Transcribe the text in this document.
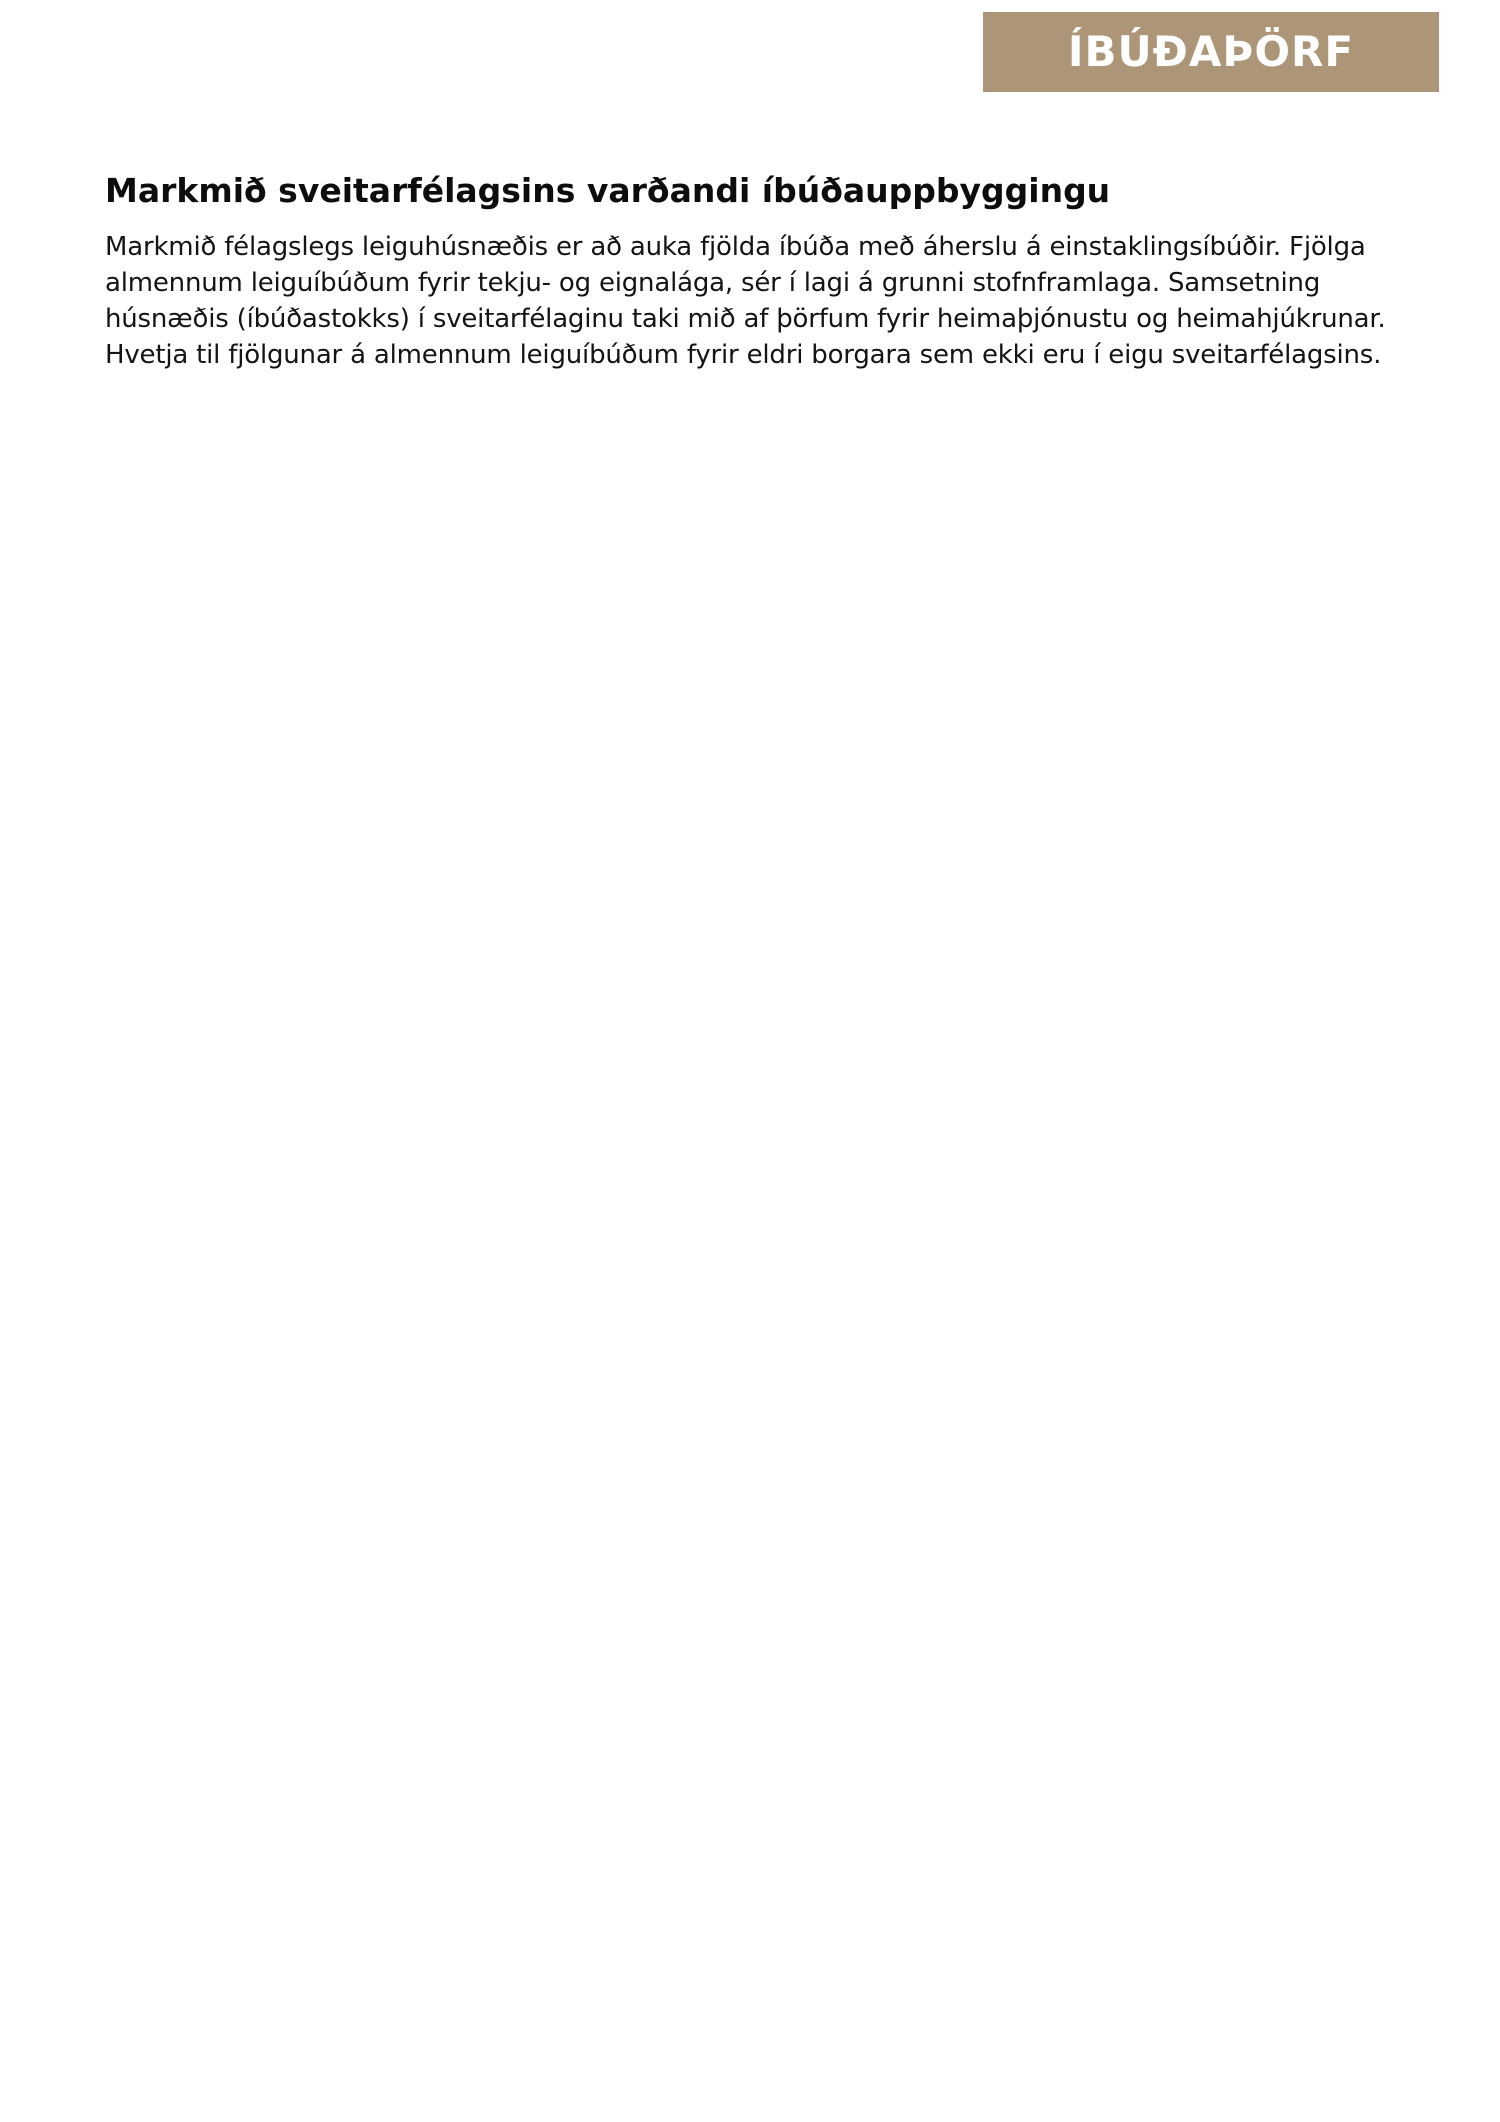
ÍBÚÐAÞÖRF
Markmið sveitarfélagsins varðandi íbúðauppbyggingu

Markmið félagslegs leiguhúsnæðis er að auka fjölda íbúða með áherslu á einstaklingsíbúðir. Fjölga almennum leiguíbúðum fyrir tekju- og eignalága, sér í lagi á grunni stofnframlaga. Samsetning húsnæðis (íbúðastokks) í sveitarfélaginu taki mið af þörfum fyrir heimaþjónustu og heimahjúkrunar. Hvetja til fjölgunar á almennum leiguíbúðum fyrir eldri borgara sem ekki eru í eigu sveitarfélagsins.
